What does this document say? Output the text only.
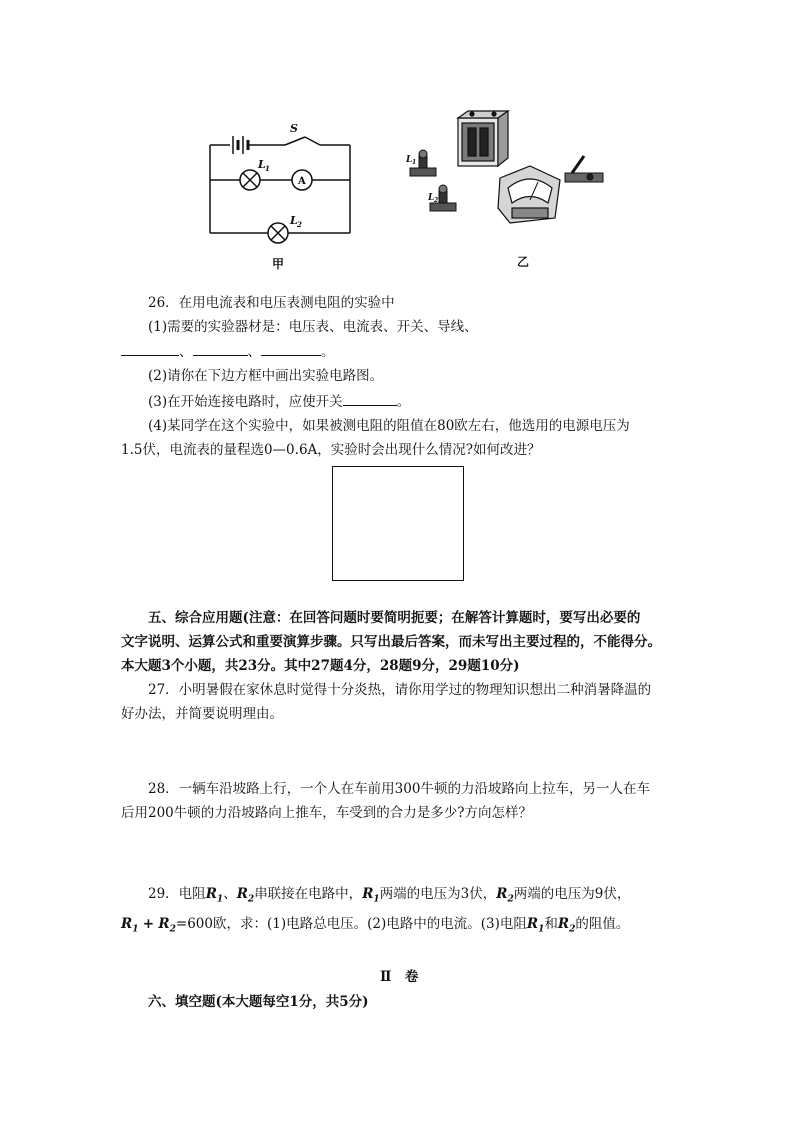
S
L 1
A
L 2
甲
L 1
L 2
乙
26．在用电流表和电压表测电阻的实验中
(1)需要的实验器材是：电压表、电流表、开关、导线、
、	、	。
(2)请你在下边方框中画出实验电路图。
(3)在开始连接电路时，应使开关	。
(4)某同学在这个实验中，如果被测电阻的阻值在80欧左右，他选用的电源电压为
1.5伏，电流表的量程选0—0.6A，实验时会出现什么情况?如何改进？
五、综合应用题(注意：在回答问题时要简明扼要；在解答计算题时，要写出必要的
文字说明、运算公式和重要演算步骤。只写出最后答案，而未写出主要过程的，不能得分。
本大题3个小题，共23分。其中27题4分，28题9分，29题10分)
27．小明暑假在家休息时觉得十分炎热，请你用学过的物理知识想出二种消暑降温的
好办法，并简要说明理由。
28．一辆车沿坡路上行，一个人在车前用300牛顿的力沿坡路向上拉车，另一人在车
后用200牛顿的力沿坡路向上推车，车受到的合力是多少?方向怎样？
29．电阻$R_1$、$R_2$串联接在电路中，$R_1$两端的电压为3伏，$R_2$两端的电压为9伏，
$R_1 + R_2=600$欧，求：(1)电路总电压。(2)电路中的电流。(3)电阻$R_1$和$R_2$的阻值。
Ⅱ　卷
六、填空题(本大题每空1分，共5分)
